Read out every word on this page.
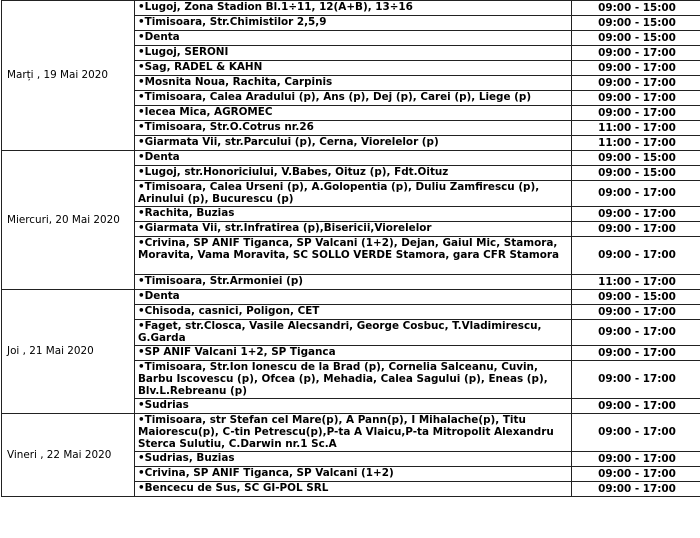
Marți , 19 Mai 2020	•Lugoj, Zona Stadion Bl.1÷11, 12(A+B), 13÷16	09:00 - 15:00
	•Timisoara, Str.Chimistilor 2,5,9	09:00 - 15:00
	•Denta	09:00 - 15:00
	•Lugoj, SERONI	09:00 - 17:00
	•Sag, RADEL & KAHN	09:00 - 17:00
	•Mosnita Noua, Rachita, Carpinis	09:00 - 17:00
	•Timisoara, Calea Aradului (p), Ans (p), Dej (p), Carei (p), Liege (p)	09:00 - 17:00
	•Iecea Mica, AGROMEC	09:00 - 17:00
	•Timisoara, Str.O.Cotrus nr.26	11:00 - 17:00
	•Giarmata Vii, str.Parcului (p), Cerna, Viorelelor (p)	11:00 - 17:00
Miercuri, 20 Mai 2020	•Denta	09:00 - 15:00
	•Lugoj, str.Honoriciului, V.Babes, Oituz (p), Fdt.Oituz	09:00 - 15:00
	•Timisoara, Calea Urseni (p), A.Golopentia (p), Duliu Zamfirescu (p), Arinului (p), Bucurescu (p)	09:00 - 17:00
	•Rachita, Buzias	09:00 - 17:00
	•Giarmata Vii, str.Infratirea (p),Bisericii,Viorelelor	09:00 - 17:00
	•Crivina, SP ANIF Tiganca, SP Valcani (1+2), Dejan, Gaiul Mic, Stamora, Moravita, Vama Moravita, SC SOLLO VERDE Stamora, gara CFR Stamora	09:00 - 17:00
	•Timisoara, Str.Armoniei (p)	11:00 - 17:00
Joi , 21 Mai 2020	•Denta	09:00 - 15:00
	•Chisoda, casnici, Poligon, CET	09:00 - 17:00
	•Faget, str.Closca, Vasile Alecsandri, George Cosbuc, T.Vladimirescu, G.Garda	09:00 - 17:00
	•SP ANIF Valcani 1+2, SP Tiganca	09:00 - 17:00
	•Timisoara, Str.Ion Ionescu de la Brad (p), Cornelia Salceanu, Cuvin, Barbu Iscovescu (p), Ofcea (p), Mehadia, Calea Sagului (p), Eneas (p), Blv.L.Rebreanu (p)	09:00 - 17:00
	•Sudrias	09:00 - 17:00
Vineri , 22 Mai 2020	•Timisoara, str Stefan cel Mare(p), A Pann(p), I Mihalache(p), Titu Maiorescu(p), C-tin Petrescu(p),P-ta A Vlaicu,P-ta Mitropolit Alexandru Sterca Sulutiu, C.Darwin nr.1 Sc.A	09:00 - 17:00
	•Sudrias, Buzias	09:00 - 17:00
	•Crivina, SP ANIF Tiganca, SP Valcani (1+2)	09:00 - 17:00
	•Bencecu de Sus, SC GI-POL SRL	09:00 - 17:00
